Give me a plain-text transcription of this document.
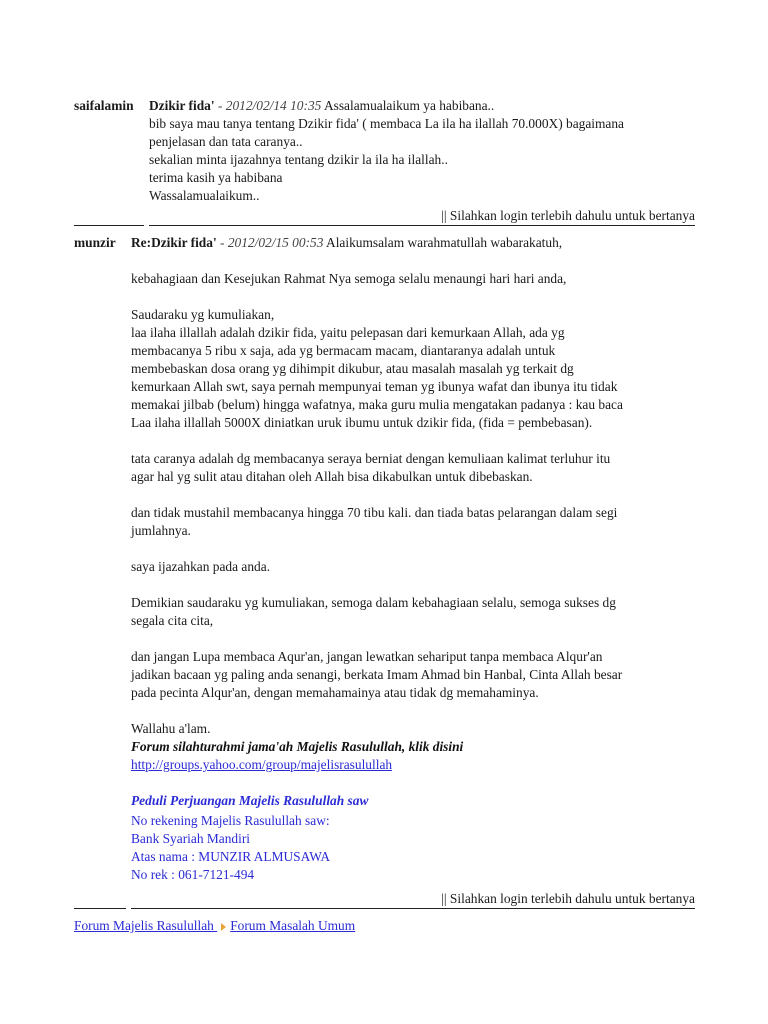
saifalamin Dzikir fida' - 2012/02/14 10:35 Assalamualaikum ya habibana..
bib saya mau tanya tentang Dzikir fida' ( membaca La ila ha ilallah 70.000X) bagaimana
penjelasan dan tata caranya..
sekalian minta ijazahnya tentang dzikir la ila ha ilallah..
terima kasih ya habibana
Wassalamualaikum..
|| Silahkan login terlebih dahulu untuk bertanya
munzir Re:Dzikir fida' - 2012/02/15 00:53 Alaikumsalam warahmatullah wabarakatuh,
kebahagiaan dan Kesejukan Rahmat Nya semoga selalu menaungi hari hari anda,
Saudaraku yg kumuliakan,
laa ilaha illallah adalah dzikir fida, yaitu pelepasan dari kemurkaan Allah, ada yg
membacanya 5 ribu x saja, ada yg bermacam macam, diantaranya adalah untuk
membebaskan dosa orang yg dihimpit dikubur, atau masalah masalah yg terkait dg
kemurkaan Allah swt, saya pernah mempunyai teman yg ibunya wafat dan ibunya itu tidak
memakai jilbab (belum) hingga wafatnya, maka guru mulia mengatakan padanya : kau baca
Laa ilaha illallah 5000X diniatkan uruk ibumu untuk dzikir fida, (fida = pembebasan).
tata caranya adalah dg membacanya seraya berniat dengan kemuliaan kalimat terluhur itu
agar hal yg sulit atau ditahan oleh Allah bisa dikabulkan untuk dibebaskan.
dan tidak mustahil membacanya hingga 70 tibu kali. dan tiada batas pelarangan dalam segi
jumlahnya.
saya ijazahkan pada anda.
Demikian saudaraku yg kumuliakan, semoga dalam kebahagiaan selalu, semoga sukses dg
segala cita cita,
dan jangan Lupa membaca Aqur'an, jangan lewatkan sehariput tanpa membaca Alqur'an
jadikan bacaan yg paling anda senangi, berkata Imam Ahmad bin Hanbal, Cinta Allah besar
pada pecinta Alqur'an, dengan memahamainya atau tidak dg memahaminya.
Wallahu a'lam.
Forum silahturahmi jama'ah Majelis Rasulullah, klik disini
http://groups.yahoo.com/group/majelisrasulullah
Peduli Perjuangan Majelis Rasulullah saw
No rekening Majelis Rasulullah saw:
Bank Syariah Mandiri
Atas nama : MUNZIR ALMUSAWA
No rek : 061-7121-494
|| Silahkan login terlebih dahulu untuk bertanya
Forum Majelis Rasulullah Forum Masalah Umum
